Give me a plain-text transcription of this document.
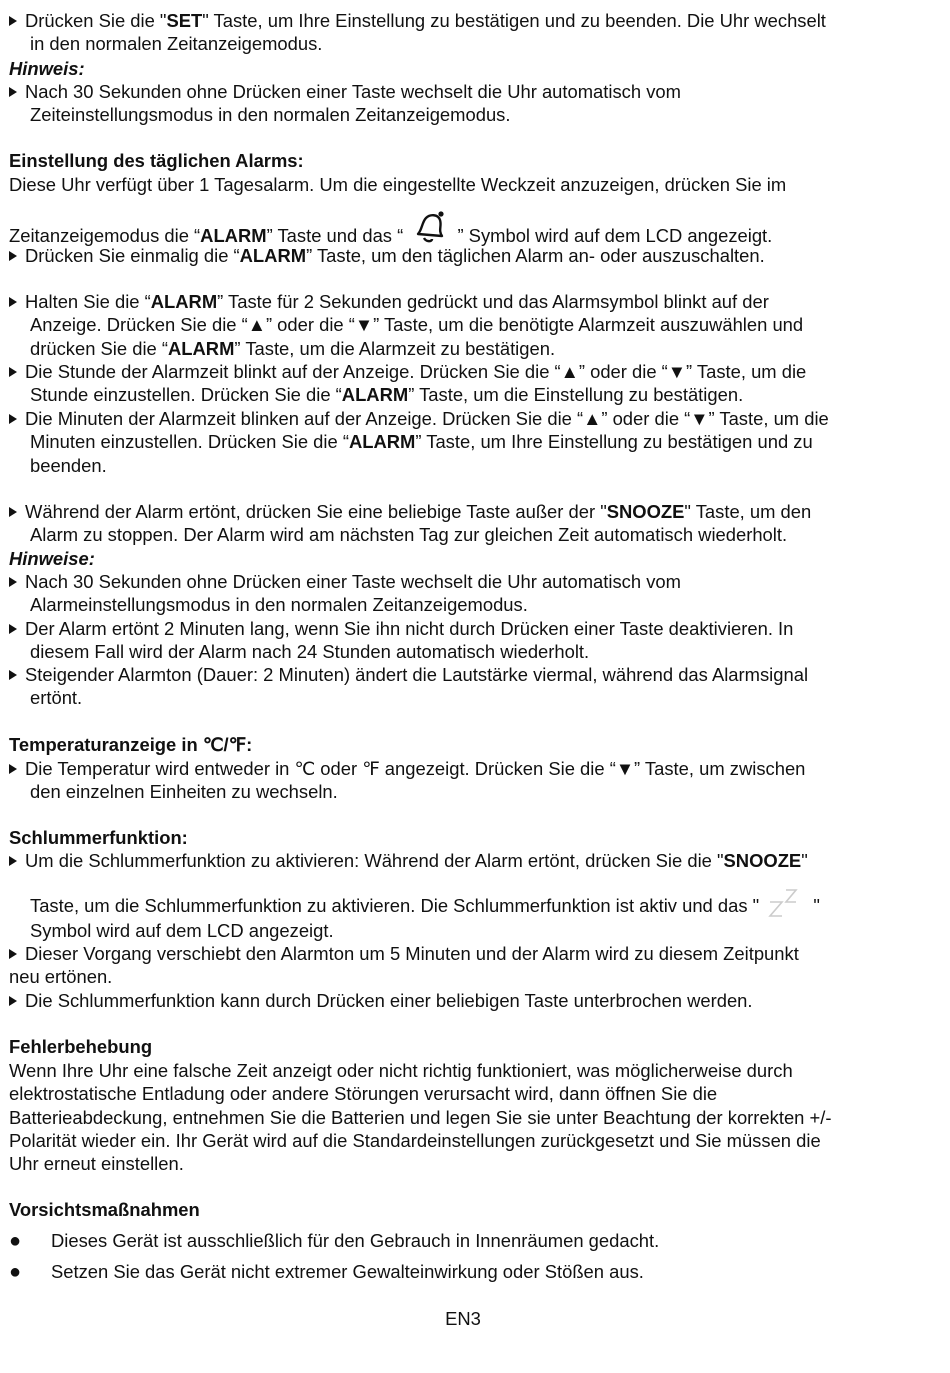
Drücken Sie die "SET" Taste, um Ihre Einstellung zu bestätigen und zu beenden. Die Uhr wechselt
in den normalen Zeitanzeigemodus.
Hinweis:
Nach 30 Sekunden ohne Drücken einer Taste wechselt die Uhr automatisch vom
Zeiteinstellungsmodus in den normalen Zeitanzeigemodus.
Einstellung des täglichen Alarms:
Diese Uhr verfügt über 1 Tagesalarm. Um die eingestellte Weckzeit anzuzeigen, drücken Sie im
Zeitanzeigemodus die “ALARM” Taste und das “  ” Symbol wird auf dem LCD angezeigt.
Drücken Sie einmalig die “ALARM” Taste, um den täglichen Alarm an- oder auszuschalten.
Halten Sie die “ALARM” Taste für 2 Sekunden gedrückt und das Alarmsymbol blinkt auf der
Anzeige. Drücken Sie die “▲” oder die “▼” Taste, um die benötigte Alarmzeit auszuwählen und
drücken Sie die “ALARM” Taste, um die Alarmzeit zu bestätigen.
Die Stunde der Alarmzeit blinkt auf der Anzeige. Drücken Sie die “▲” oder die “▼” Taste, um die
Stunde einzustellen. Drücken Sie die “ALARM” Taste, um die Einstellung zu bestätigen.
Die Minuten der Alarmzeit blinken auf der Anzeige. Drücken Sie die “▲” oder die “▼” Taste, um die
Minuten einzustellen. Drücken Sie die “ALARM” Taste, um Ihre Einstellung zu bestätigen und zu
beenden.
Während der Alarm ertönt, drücken Sie eine beliebige Taste außer der "SNOOZE" Taste, um den
Alarm zu stoppen. Der Alarm wird am nächsten Tag zur gleichen Zeit automatisch wiederholt.
Hinweise:
Nach 30 Sekunden ohne Drücken einer Taste wechselt die Uhr automatisch vom
Alarmeinstellungsmodus in den normalen Zeitanzeigemodus.
Der Alarm ertönt 2 Minuten lang, wenn Sie ihn nicht durch Drücken einer Taste deaktivieren. In
diesem Fall wird der Alarm nach 24 Stunden automatisch wiederholt.
Steigender Alarmton (Dauer: 2 Minuten) ändert die Lautstärke viermal, während das Alarmsignal
ertönt.
Temperaturanzeige in ℃/℉:
Die Temperatur wird entweder in ℃ oder ℉ angezeigt. Drücken Sie die “▼” Taste, um zwischen
den einzelnen Einheiten zu wechseln.
Schlummerfunktion:
Um die Schlummerfunktion zu aktivieren: Während der Alarm ertönt, drücken Sie die "SNOOZE"
Taste, um die Schlummerfunktion zu aktivieren. Die Schlummerfunktion ist aktiv und das "  "
Symbol wird auf dem LCD angezeigt.
Dieser Vorgang verschiebt den Alarmton um 5 Minuten und der Alarm wird zu diesem Zeitpunkt
neu ertönen.
Die Schlummerfunktion kann durch Drücken einer beliebigen Taste unterbrochen werden.
Fehlerbehebung
Wenn Ihre Uhr eine falsche Zeit anzeigt oder nicht richtig funktioniert, was möglicherweise durch
elektrostatische Entladung oder andere Störungen verursacht wird, dann öffnen Sie die
Batterieabdeckung, entnehmen Sie die Batterien und legen Sie sie unter Beachtung der korrekten +/-
Polarität wieder ein. Ihr Gerät wird auf die Standardeinstellungen zurückgesetzt und Sie müssen die
Uhr erneut einstellen.
Vorsichtsmaßnahmen
● Dieses Gerät ist ausschließlich für den Gebrauch in Innenräumen gedacht.
● Setzen Sie das Gerät nicht extremer Gewalteinwirkung oder Stößen aus.
EN3
